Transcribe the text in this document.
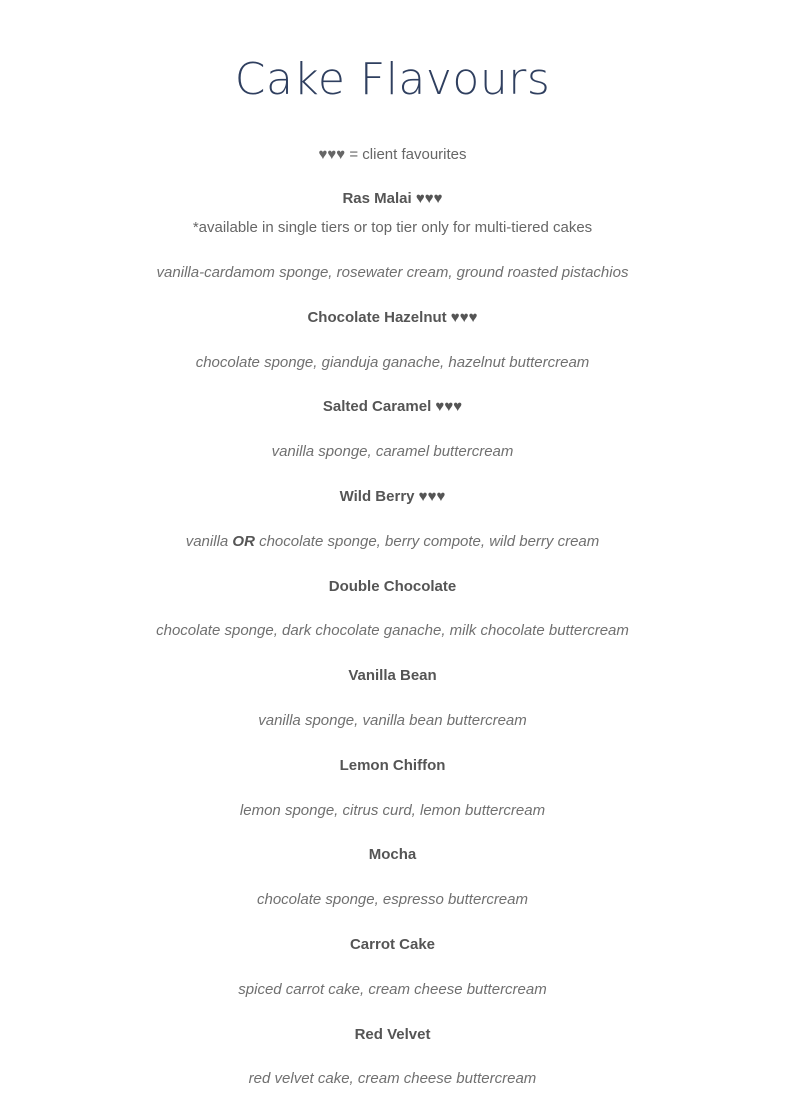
Cake Flavours

♥♥♥ = client favourites

Ras Malai ♥♥♥

*available in single tiers or top tier only for multi-tiered cakes

vanilla-cardamom sponge, rosewater cream, ground roasted pistachios

Chocolate Hazelnut ♥♥♥

chocolate sponge, gianduja ganache, hazelnut buttercream

Salted Caramel ♥♥♥

vanilla sponge, caramel buttercream

Wild Berry ♥♥♥

vanilla OR chocolate sponge, berry compote, wild berry cream

Double Chocolate

chocolate sponge, dark chocolate ganache, milk chocolate buttercream

Vanilla Bean

vanilla sponge, vanilla bean buttercream

Lemon Chiffon

lemon sponge, citrus curd, lemon buttercream

Mocha

chocolate sponge, espresso buttercream

Carrot Cake

spiced carrot cake, cream cheese buttercream

Red Velvet

red velvet cake, cream cheese buttercream
